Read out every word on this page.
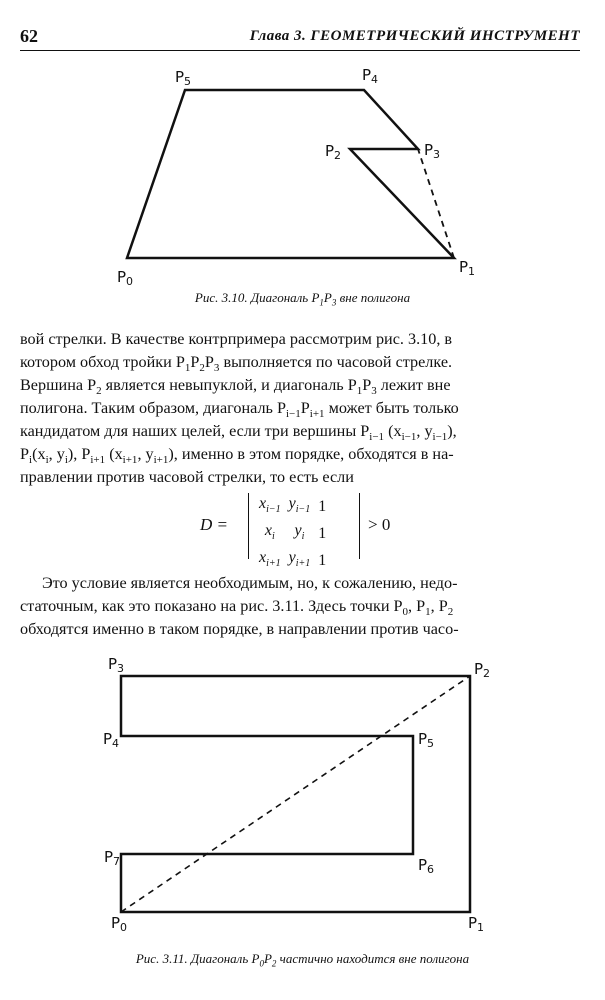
62	Глава 3. ГЕОМЕТРИЧЕСКИЙ ИНСТРУМЕНТ
$P_0$
$P_1$
$P_2$	$P_3$
$P_4$
$P_5$
Рис. 3.10. Диагональ $P_1P_3$ вне полигона

вой стрелки. В качестве контрпримера рассмотрим рис. 3.10, в

котором обход тройки $P_1P_2P_3$ выполняется по часовой стрелке.

Вершина $P_2$ является невыпуклой, и диагональ $P_1P_3$ лежит вне

полигона. Таким образом, диагональ $P_{i-1}P_{i+1}$ может быть только

кандидатом для наших целей, если три вершины $P_{i-1}$ ($x_{i-1}$, $y_{i-1}$),

$P_i(x_i$, $y_i$), $P_{i+1}$ ($x_{i+1}$, $y_{i+1}$), именно в этом порядке, обходятся в на-

правлении против часовой стрелки, то есть если

D =
$x_{i-1}$	$y_{i-1}$	1
$x_i$	$y_i$	1
$x_{i+1}$	$y_{i+1}$	1
> 0

Это условие является необходимым, но, к сожалению, недо-

статочным, как это показано на рис. 3.11. Здесь точки $P_0$, $P_1$, $P_2$

обходятся именно в таком порядке, в направлении против часо-

$P_0$	$P_1$
$P_2$
$P_3$
$P_4$	$P_5$
$P_6$
$P_7$
Рис. 3.11. Диагональ $P_0P_2$ частично находится вне полигона
